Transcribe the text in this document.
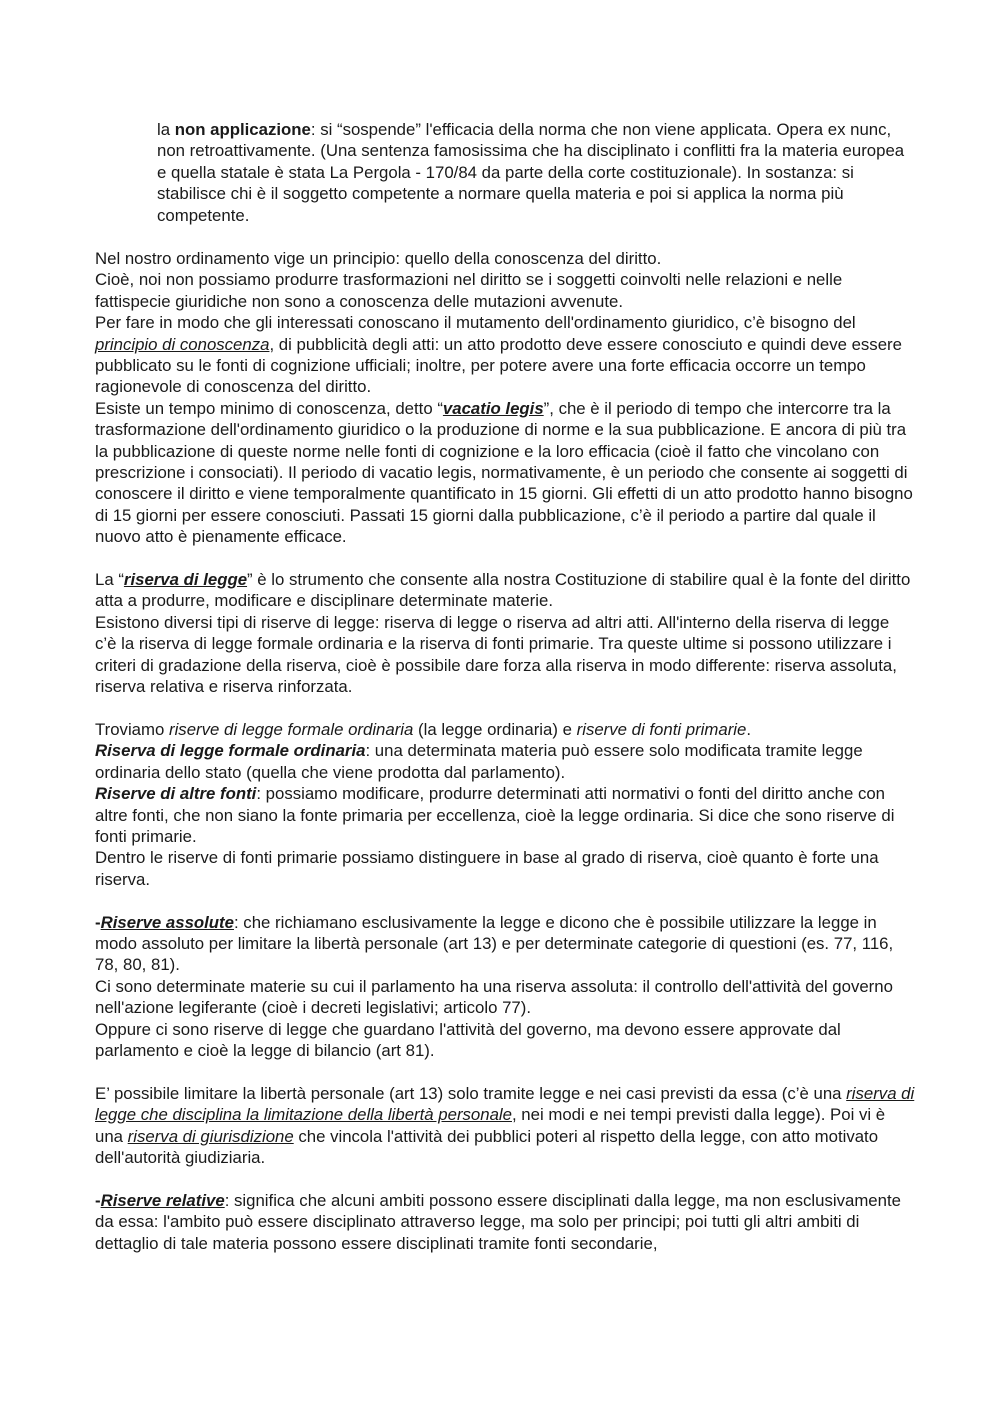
la non applicazione: si “sospende” l'efficacia della norma che non viene applicata. Opera ex nunc, non retroattivamente. (Una sentenza famosissima che ha disciplinato i conflitti fra la materia europea e quella statale è stata La Pergola - 170/84 da parte della corte costituzionale). In sostanza: si stabilisce chi è il soggetto competente a normare quella materia e poi si applica la norma più competente.

Nel nostro ordinamento vige un principio: quello della conoscenza del diritto.

Cioè, noi non possiamo produrre trasformazioni nel diritto se i soggetti coinvolti nelle relazioni e nelle fattispecie giuridiche non sono a conoscenza delle mutazioni avvenute.

Per fare in modo che gli interessati conoscano il mutamento dell'ordinamento giuridico, c’è bisogno del principio di conoscenza, di pubblicità degli atti: un atto prodotto deve essere conosciuto e quindi deve essere pubblicato su le fonti di cognizione ufficiali; inoltre, per potere avere una forte efficacia occorre un tempo ragionevole di conoscenza del diritto.

Esiste un tempo minimo di conoscenza, detto “vacatio legis”, che è il periodo di tempo che intercorre tra la trasformazione dell'ordinamento giuridico o la produzione di norme e la sua pubblicazione. E ancora di più tra la pubblicazione di queste norme nelle fonti di cognizione e la loro efficacia (cioè il fatto che vincolano con prescrizione i consociati). Il periodo di vacatio legis, normativamente, è un periodo che consente ai soggetti di conoscere il diritto e viene temporalmente quantificato in 15 giorni. Gli effetti di un atto prodotto hanno bisogno di 15 giorni per essere conosciuti. Passati 15 giorni dalla pubblicazione, c’è il periodo a partire dal quale il nuovo atto è pienamente efficace.

La “riserva di legge” è lo strumento che consente alla nostra Costituzione di stabilire qual è la fonte del diritto atta a produrre, modificare e disciplinare determinate materie.

Esistono diversi tipi di riserve di legge: riserva di legge o riserva ad altri atti. All'interno della riserva di legge c’è la riserva di legge formale ordinaria e la riserva di fonti primarie. Tra queste ultime si possono utilizzare i criteri di gradazione della riserva, cioè è possibile dare forza alla riserva in modo differente: riserva assoluta, riserva relativa e riserva rinforzata.

Troviamo riserve di legge formale ordinaria (la legge ordinaria) e riserve di fonti primarie.

Riserva di legge formale ordinaria: una determinata materia può essere solo modificata tramite legge ordinaria dello stato (quella che viene prodotta dal parlamento).

Riserve di altre fonti: possiamo modificare, produrre determinati atti normativi o fonti del diritto anche con altre fonti, che non siano la fonte primaria per eccellenza, cioè la legge ordinaria. Si dice che sono riserve di fonti primarie.

Dentro le riserve di fonti primarie possiamo distinguere in base al grado di riserva, cioè quanto è forte una riserva.

-Riserve assolute: che richiamano esclusivamente la legge e dicono che è possibile utilizzare la legge in modo assoluto per limitare la libertà personale (art 13) e per determinate categorie di questioni (es. 77, 116, 78, 80, 81).

Ci sono determinate materie su cui il parlamento ha una riserva assoluta: il controllo dell'attività del governo nell'azione legiferante (cioè i decreti legislativi; articolo 77).

Oppure ci sono riserve di legge che guardano l'attività del governo, ma devono essere approvate dal parlamento e cioè la legge di bilancio (art 81).

E’ possibile limitare la libertà personale (art 13) solo tramite legge e nei casi previsti da essa (c’è una riserva di legge che disciplina la limitazione della libertà personale, nei modi e nei tempi previsti dalla legge). Poi vi è una riserva di giurisdizione che vincola l'attività dei pubblici poteri al rispetto della legge, con atto motivato dell'autorità giudiziaria.

-Riserve relative: significa che alcuni ambiti possono essere disciplinati dalla legge, ma non esclusivamente da essa: l'ambito può essere disciplinato attraverso legge, ma solo per principi; poi tutti gli altri ambiti di dettaglio di tale materia possono essere disciplinati tramite fonti secondarie,
